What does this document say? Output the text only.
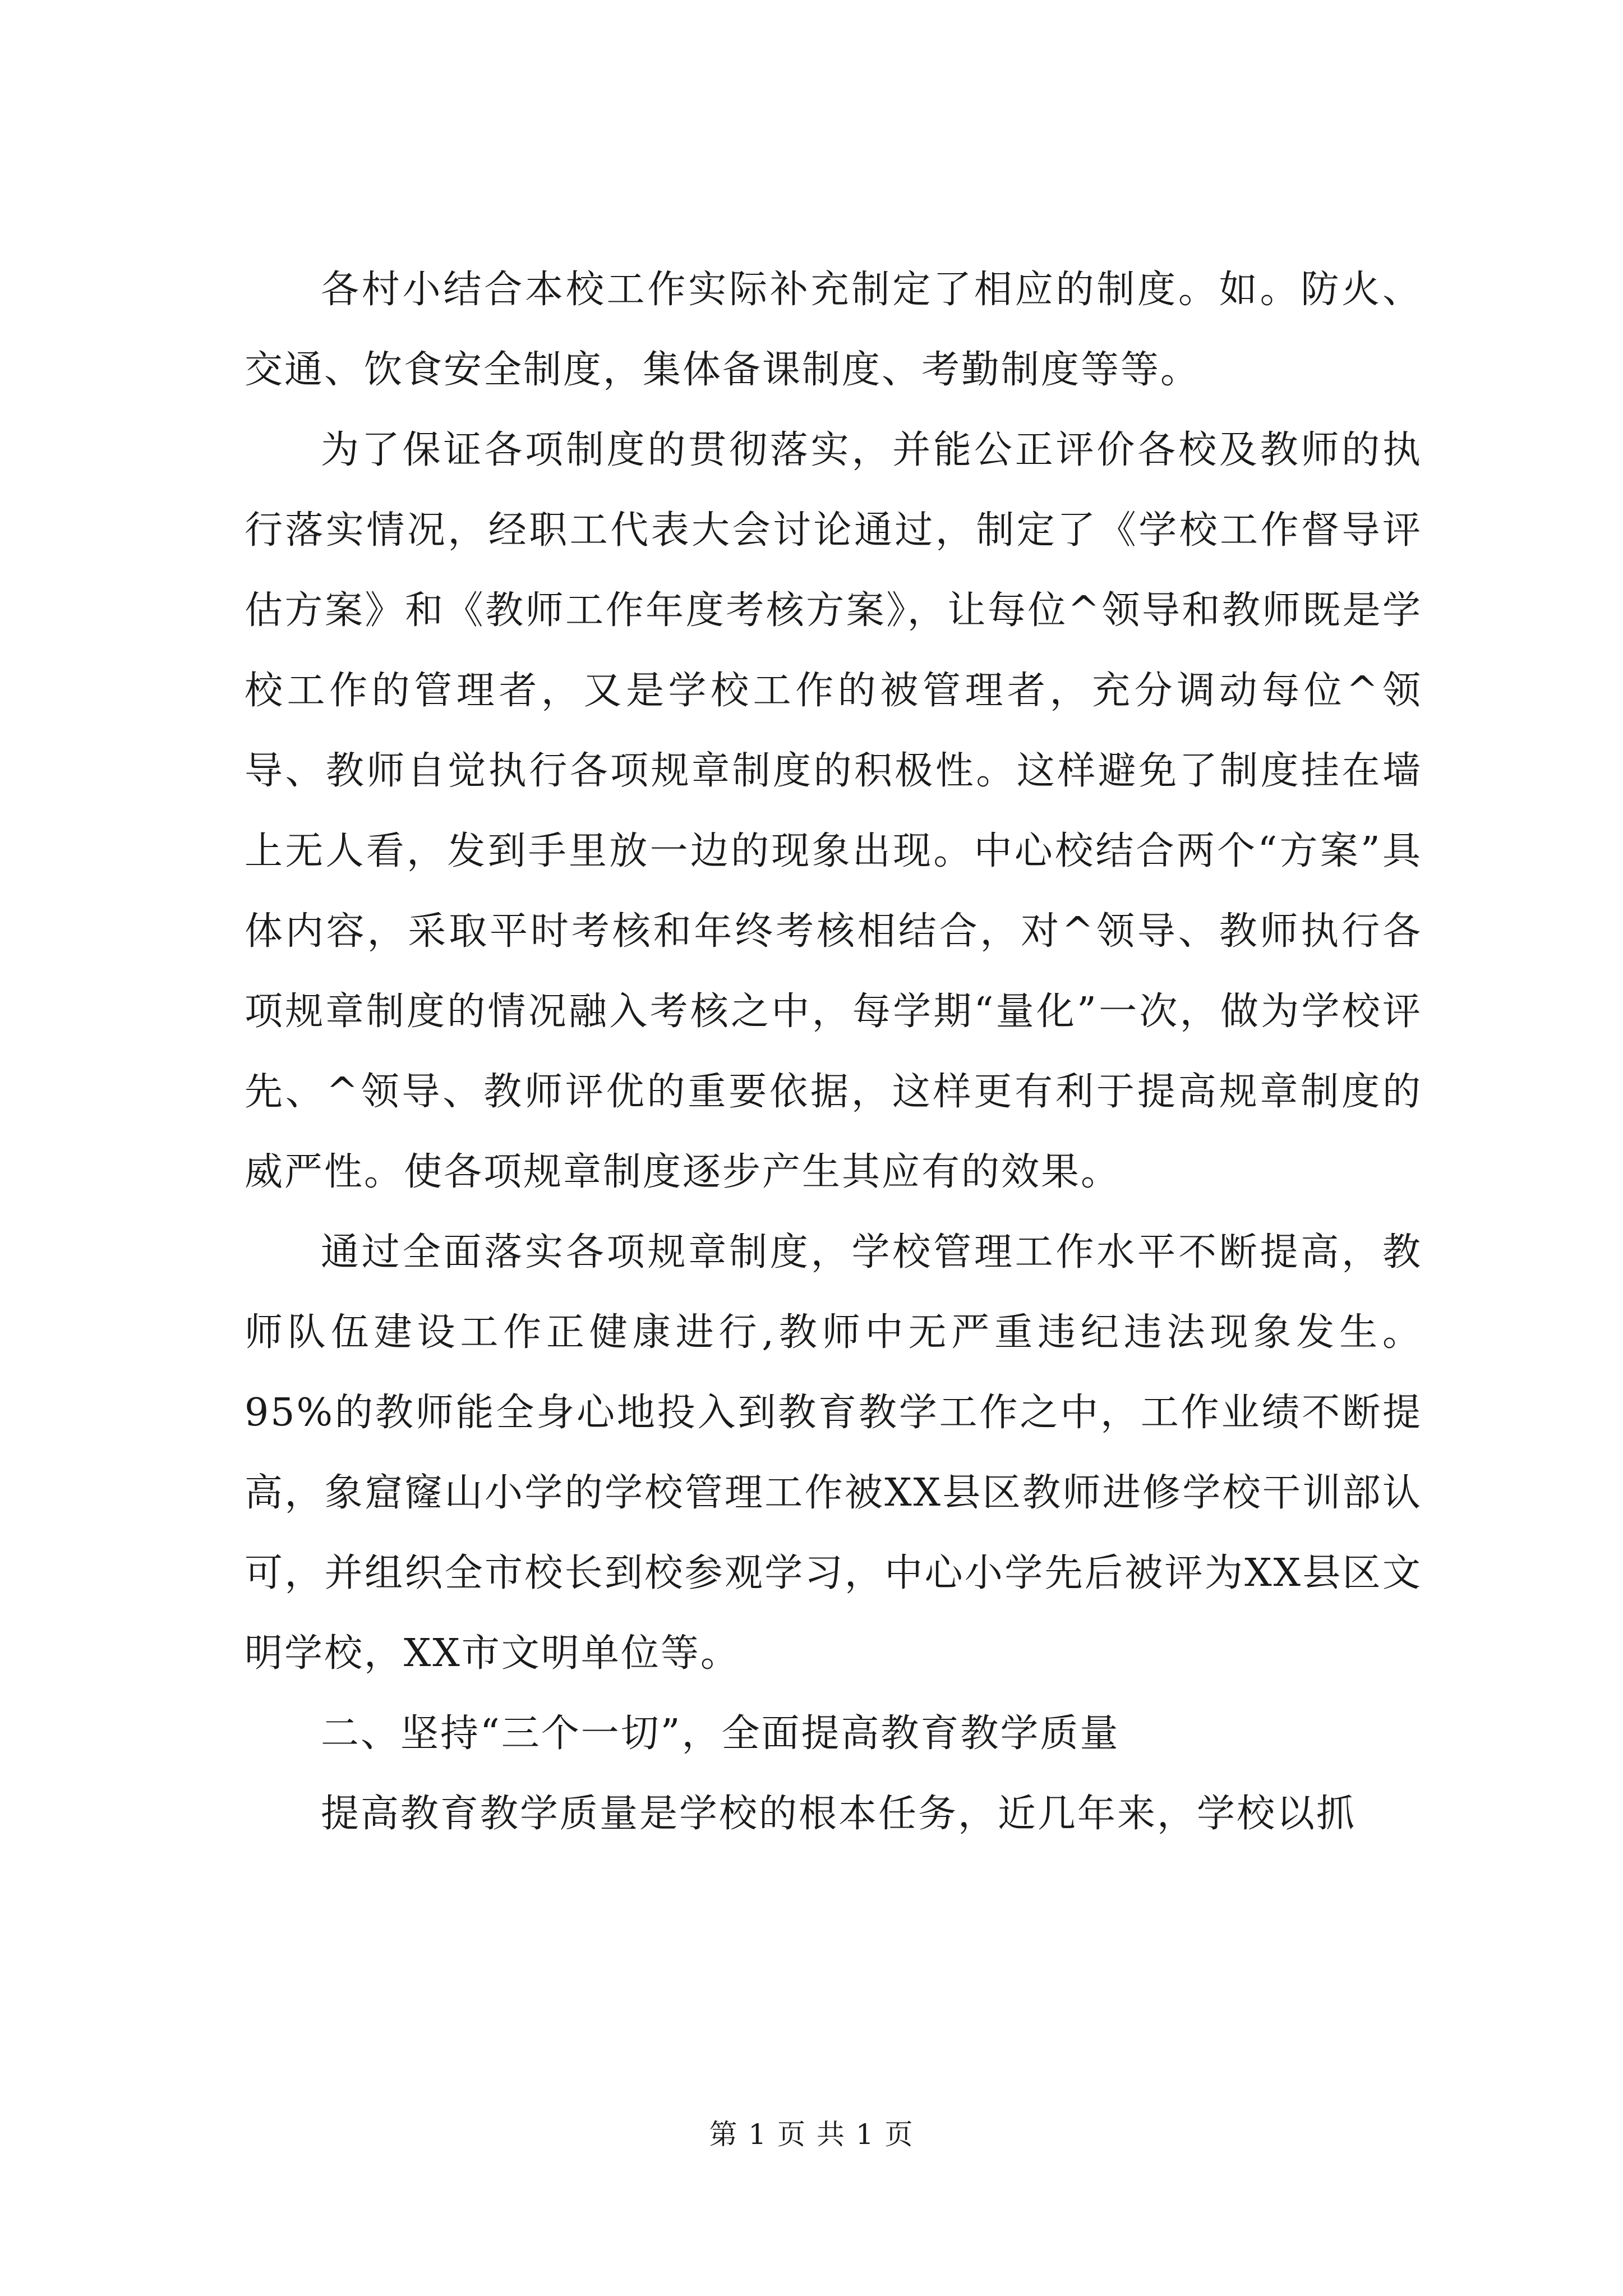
各村小结合本校工作实际补充制定了相应的制度。如。防火、交通、饮食安全制度，集体备课制度、考勤制度等等。

为了保证各项制度的贯彻落实，并能公正评价各校及教师的执行落实情况，经职工代表大会讨论通过，制定了《学校工作督导评估方案》和《教师工作年度考核方案》，让每位^领导和教师既是学校工作的管理者，又是学校工作的被管理者，充分调动每位^领导、教师自觉执行各项规章制度的积极性。这样避免了制度挂在墙上无人看，发到手里放一边的现象出现。中心校结合两个“方案”具体内容，采取平时考核和年终考核相结合，对^领导、教师执行各项规章制度的情况融入考核之中，每学期“量化”一次，做为学校评先、^领导、教师评优的重要依据，这样更有利于提高规章制度的威严性。使各项规章制度逐步产生其应有的效果。

通过全面落实各项规章制度，学校管理工作水平不断提高，教师队伍建设工作正健康进行,教师中无严重违纪违法现象发生。95%的教师能全身心地投入到教育教学工作之中，工作业绩不断提高，象窟窿山小学的学校管理工作被XX县区教师进修学校干训部认可，并组织全市校长到校参观学习，中心小学先后被评为XX县区文明学校，XX市文明单位等。

二、坚持“三个一切”，全面提高教育教学质量

提高教育教学质量是学校的根本任务，近几年来，学校以抓

第 1 页 共 1 页
